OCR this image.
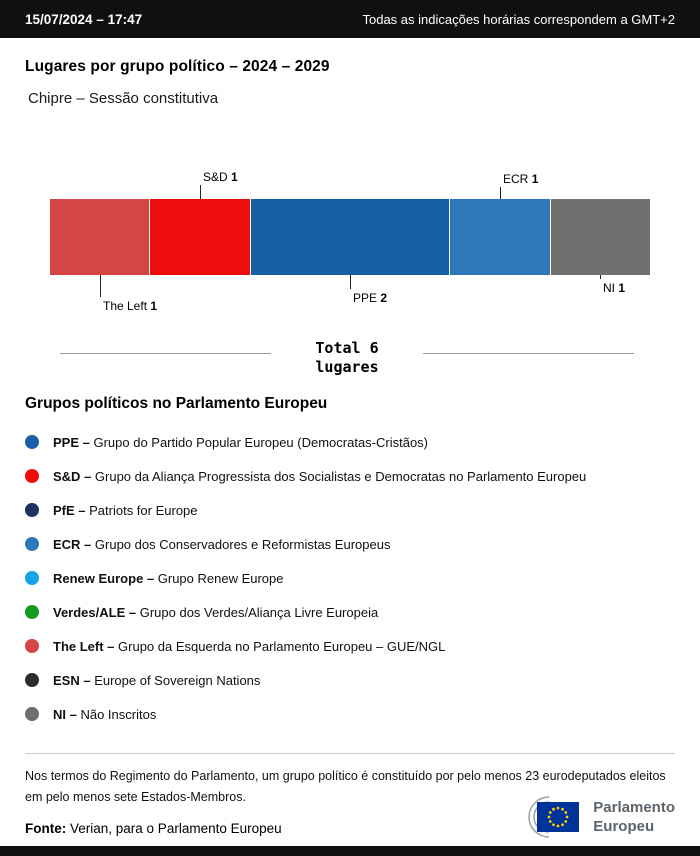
15/07/2024 – 17:47	Todas as indicações horárias correspondem a GMT+2
Lugares por grupo político – 2024 – 2029
Chipre – Sessão constitutiva
The Left 1
S&D 1
PPE 2
ECR 1
NI 1
Total 6
lugares
Grupos políticos no Parlamento Europeu
PPE – Grupo do Partido Popular Europeu (Democratas-Cristãos)
S&D – Grupo da Aliança Progressista dos Socialistas e Democratas no Parlamento Europeu
PfE – Patriots for Europe
ECR – Grupo dos Conservadores e Reformistas Europeus
Renew Europe – Grupo Renew Europe
Verdes/ALE – Grupo dos Verdes/Aliança Livre Europeia
The Left – Grupo da Esquerda no Parlamento Europeu – GUE/NGL
ESN – Europe of Sovereign Nations
NI – Não Inscritos
Nos termos do Regimento do Parlamento, um grupo político é constituído por pelo menos 23 eurodeputados eleitos em pelo menos sete Estados-Membros.
Fonte: Verian, para o Parlamento Europeu
Parlamento
Europeu
